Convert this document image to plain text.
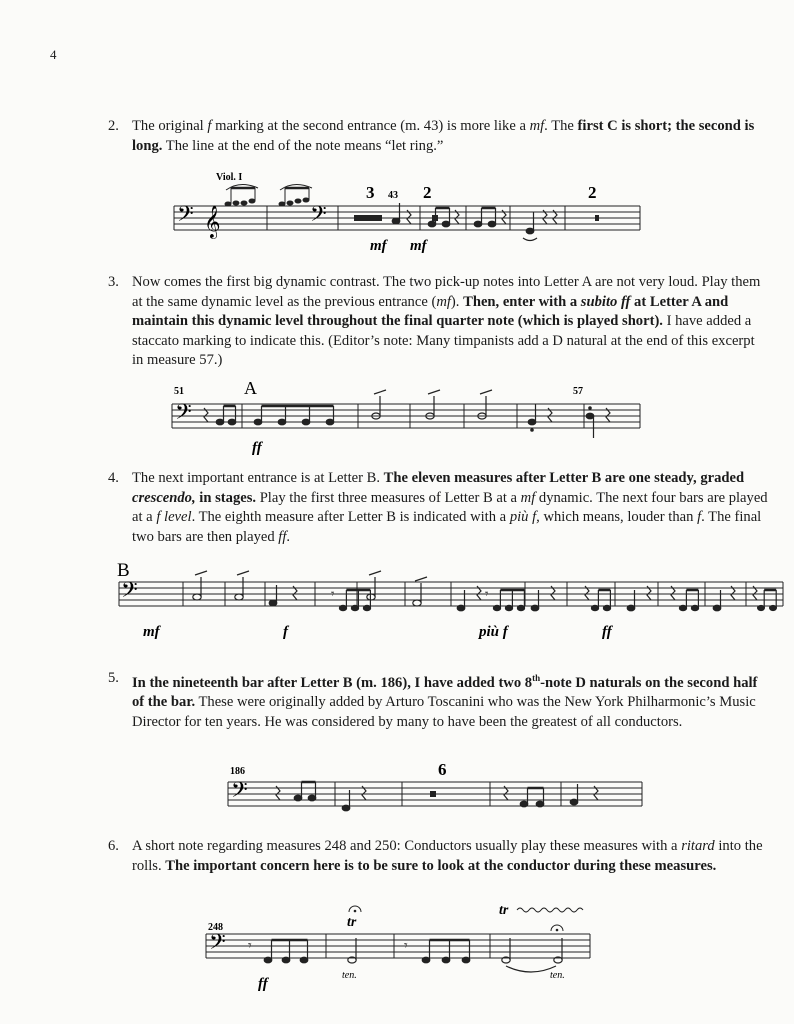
4
2. The original f marking at the second entrance (m. 43) is more like a mf. The first C is short; the second is long. The line at the end of the note means “let ring.”
Viol. I
𝄢 𝄞	𝄢
3 43 2	2
mf mf
3. Now comes the first big dynamic contrast. The two pick-up notes into Letter A are not very loud. Play them at the same dynamic level as the previous entrance (mf). Then, enter with a subito ff at Letter A and maintain this dynamic level throughout the final quarter note (which is played short). I have added a staccato marking to indicate this. (Editor’s note: Many timpanists add a D natural at the end of this excerpt in measure 57.)
51	A	57
𝄢
ff
4. The next important entrance is at Letter B. The eleven measures after Letter B are one steady, graded crescendo, in stages. Play the first three measures of Letter B at a mf dynamic. The next four bars are played at a f level. The eighth measure after Letter B is indicated with a più f, which means, louder than f. The final two bars are then played ff.
B
𝄢	𝄾	𝄾
mf	f	più f	ff
5. In the nineteenth bar after Letter B (m. 186), I have added two 8th-note D naturals on the second half of the bar. These were originally added by Arturo Toscanini who was the New York Philharmonic’s Music Director for ten years. He was considered by many to have been the greatest of all conductors.
186	6
𝄢
6. A short note regarding measures 248 and 250: Conductors usually play these measures with a ritard into the rolls. The important concern here is to be sure to look at the conductor during these measures.
248	tr
tr
𝄢 𝄾	𝄾
ff
ten.	ten.
